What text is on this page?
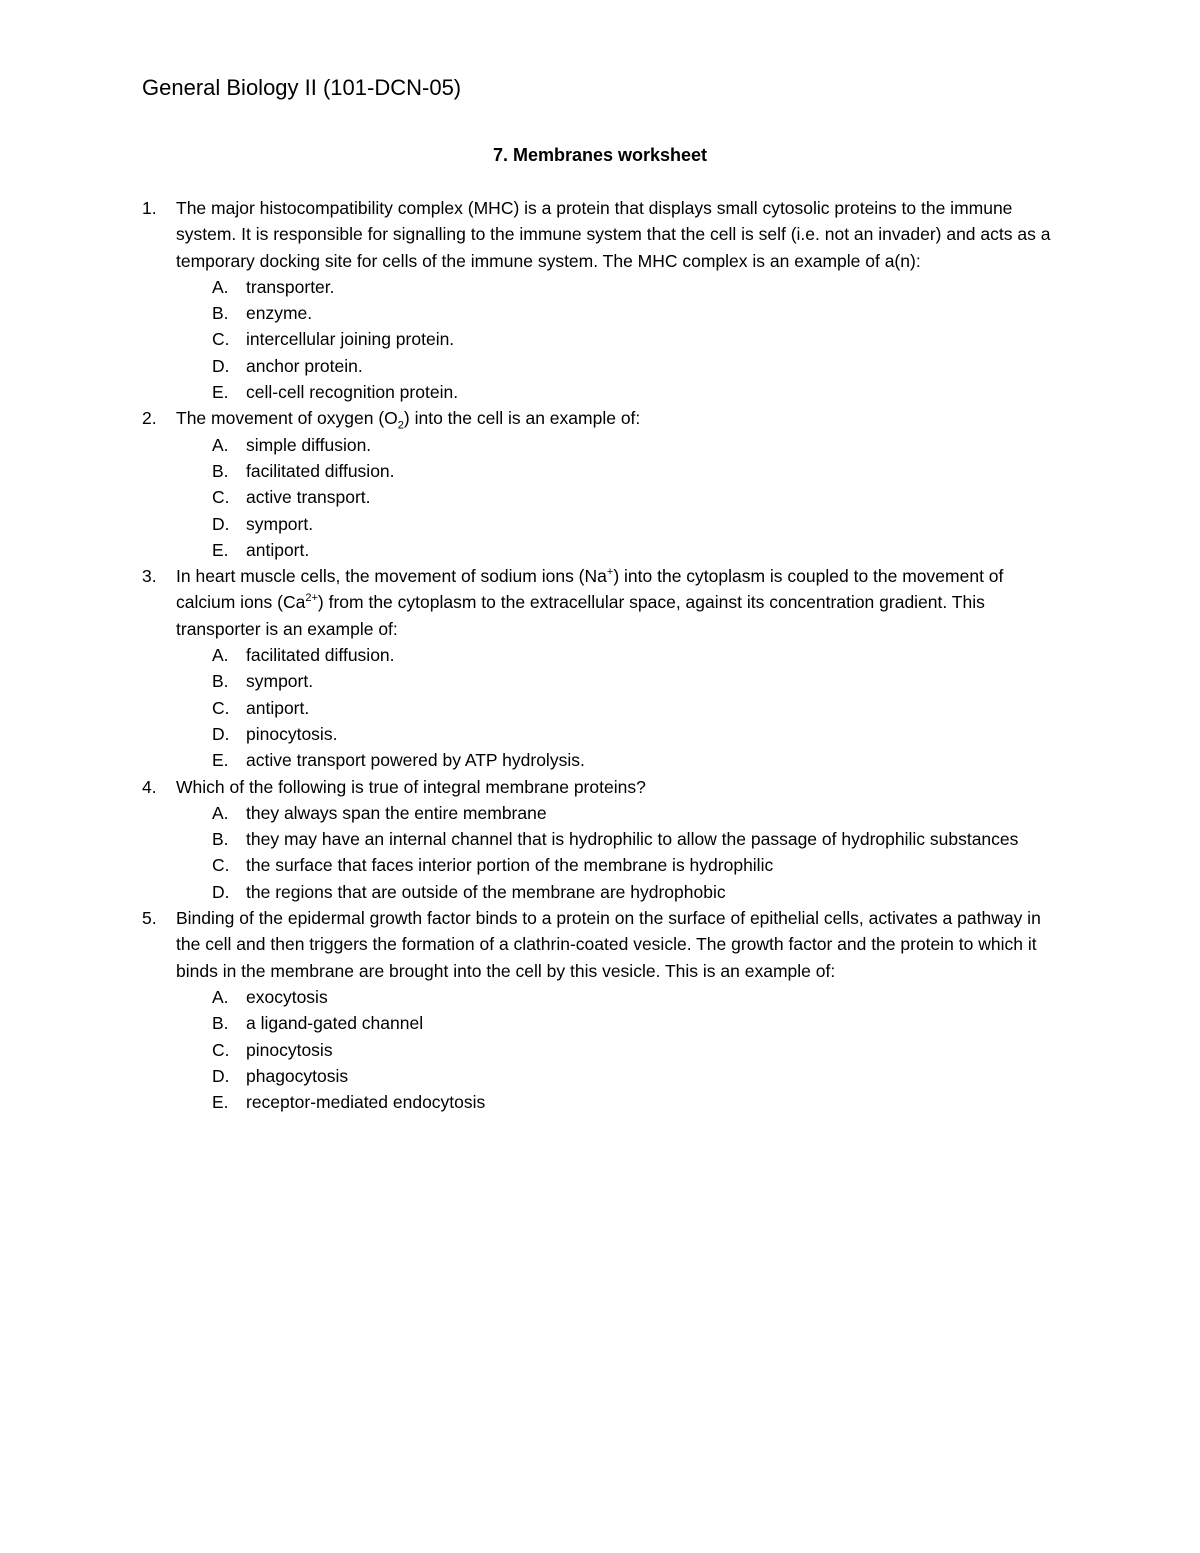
General Biology II (101-DCN-05)
7. Membranes worksheet
1. The major histocompatibility complex (MHC) is a protein that displays small cytosolic proteins to the immune system. It is responsible for signalling to the immune system that the cell is self (i.e. not an invader) and acts as a temporary docking site for cells of the immune system. The MHC complex is an example of a(n):
A. transporter.
B. enzyme.
C. intercellular joining protein.
D. anchor protein.
E. cell-cell recognition protein.
2. The movement of oxygen $(O_2)$ into the cell is an example of:
A. simple diffusion.
B. facilitated diffusion.
C. active transport.
D. symport.
E. antiport.
3. In heart muscle cells, the movement of sodium ions (Na+) into the cytoplasm is coupled to the movement of calcium ions $(Ca^{2+})$ from the cytoplasm to the extracellular space, against its concentration gradient. This transporter is an example of:
A. facilitated diffusion.
B. symport.
C. antiport.
D. pinocytosis.
E. active transport powered by ATP hydrolysis.
4. Which of the following is true of integral membrane proteins?
A. they always span the entire membrane
B. they may have an internal channel that is hydrophilic to allow the passage of hydrophilic substances
C. the surface that faces interior portion of the membrane is hydrophilic
D. the regions that are outside of the membrane are hydrophobic
5. Binding of the epidermal growth factor binds to a protein on the surface of epithelial cells, activates a pathway in the cell and then triggers the formation of a clathrin-coated vesicle. The growth factor and the protein to which it binds in the membrane are brought into the cell by this vesicle. This is an example of:
A. exocytosis
B. a ligand-gated channel
C. pinocytosis
D. phagocytosis
E. receptor-mediated endocytosis
